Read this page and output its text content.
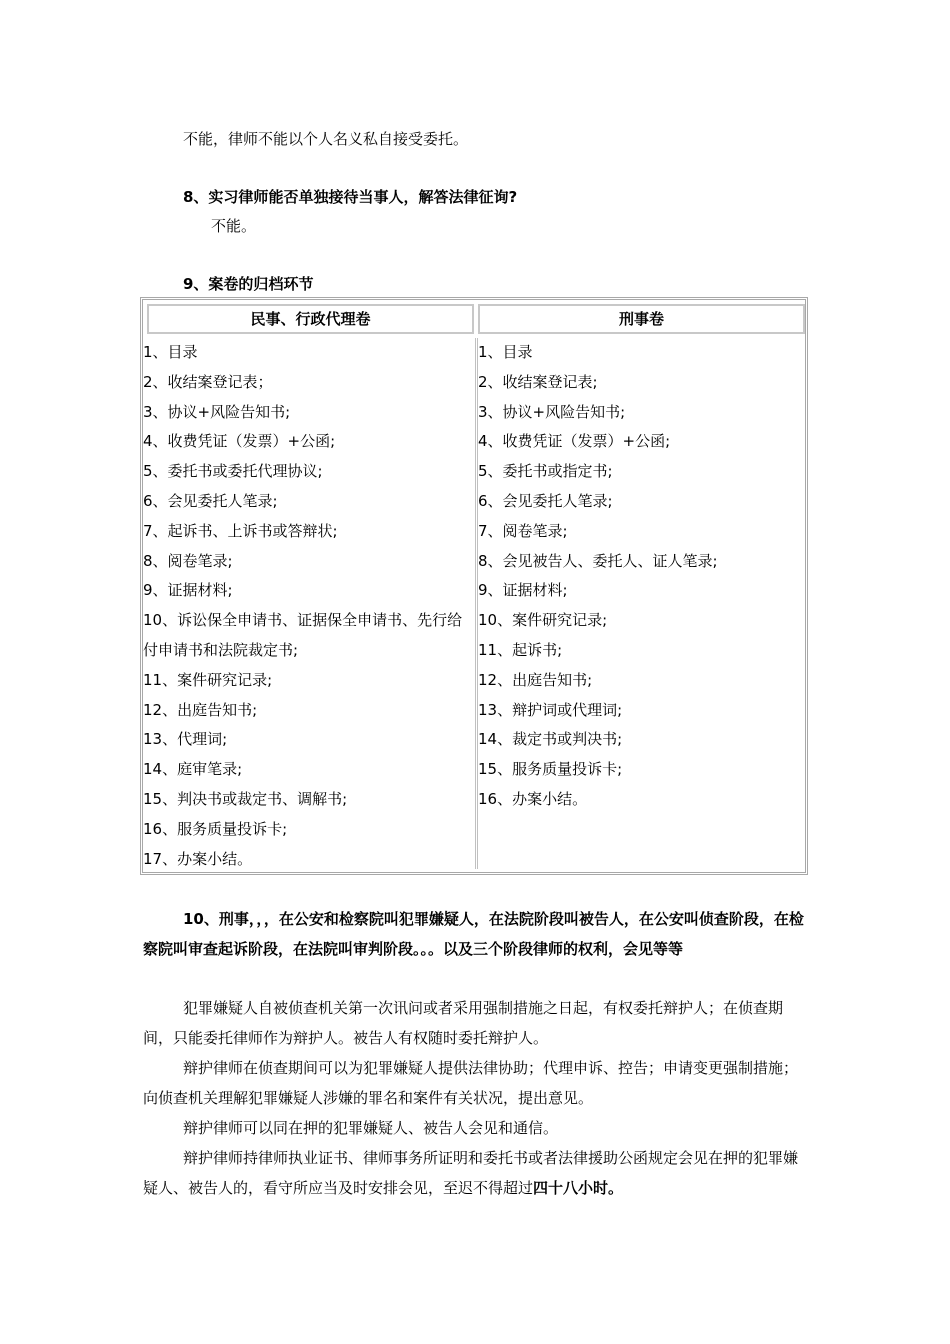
不能，律师不能以个人名义私自接受委托。
8、实习律师能否单独接待当事人，解答法律征询?
不能。
9、案卷的归档环节
民事、行政代理卷	刑事卷
1、目录
2、收结案登记表；
3、协议+风险告知书;
4、收费凭证（发票）+公函;
5、委托书或委托代理协议;
6、会见委托人笔录;
7、起诉书、上诉书或答辩状;
8、阅卷笔录;
9、证据材料;
10、诉讼保全申请书、证据保全申请书、先行给付申请书和法院裁定书;
11、案件研究记录;
12、出庭告知书;
13、代理词;
14、庭审笔录;
15、判决书或裁定书、调解书;
16、服务质量投诉卡;
17、办案小结。
1、目录
2、收结案登记表;
3、协议+风险告知书;
4、收费凭证（发票）+公函;
5、委托书或指定书;
6、会见委托人笔录;
7、阅卷笔录;
8、会见被告人、委托人、证人笔录;
9、证据材料;
10、案件研究记录;
11、起诉书;
12、出庭告知书;
13、辩护词或代理词;
14、裁定书或判决书;
15、服务质量投诉卡;
16、办案小结。
10、刑事，，，在公安和检察院叫犯罪嫌疑人，在法院阶段叫被告人，在公安叫侦查阶段，在检察院叫审查起诉阶段，在法院叫审判阶段。。。以及三个阶段律师的权利，会见等等
犯罪嫌疑人自被侦查机关第一次讯问或者采用强制措施之日起，有权委托辩护人；在侦查期间，只能委托律师作为辩护人。被告人有权随时委托辩护人。
辩护律师在侦查期间可以为犯罪嫌疑人提供法律协助；代理申诉、控告；申请变更强制措施；向侦查机关理解犯罪嫌疑人涉嫌的罪名和案件有关状况，提出意见。
辩护律师可以同在押的犯罪嫌疑人、被告人会见和通信。
辩护律师持律师执业证书、律师事务所证明和委托书或者法律援助公函规定会见在押的犯罪嫌疑人、被告人的，看守所应当及时安排会见，至迟不得超过四十八小时。
